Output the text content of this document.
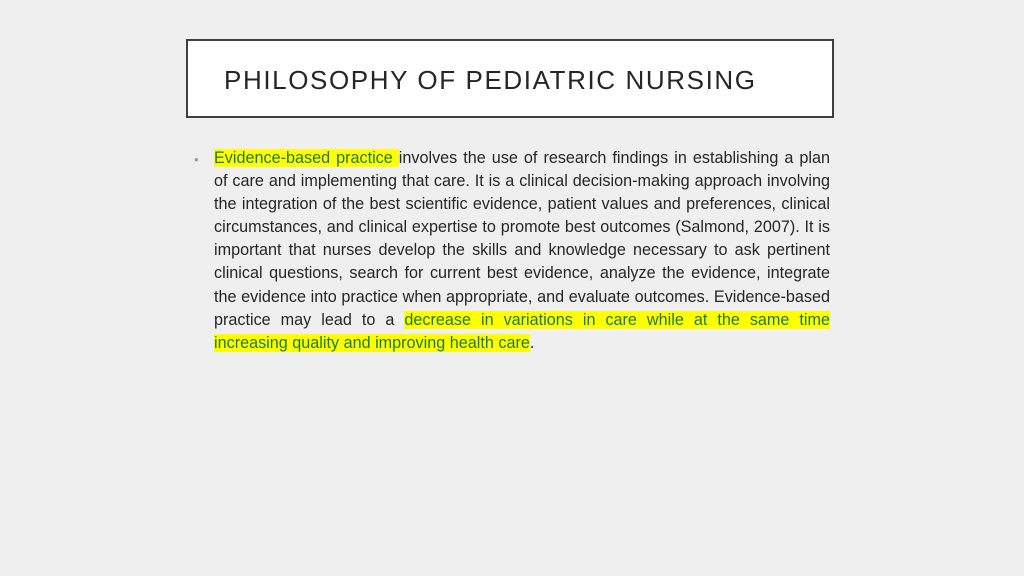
PHILOSOPHY OF PEDIATRIC NURSING
• Evidence-based practice involves the use of research findings in establishing a plan of care and implementing that care. It is a clinical decision-making approach involving the integration of the best scientific evidence, patient values and preferences, clinical circumstances, and clinical expertise to promote best outcomes (Salmond, 2007). It is important that nurses develop the skills and knowledge necessary to ask pertinent clinical questions, search for current best evidence, analyze the evidence, integrate the evidence into practice when appropriate, and evaluate outcomes. Evidence-based practice may lead to a decrease in variations in care while at the same time increasing quality and improving health care.
